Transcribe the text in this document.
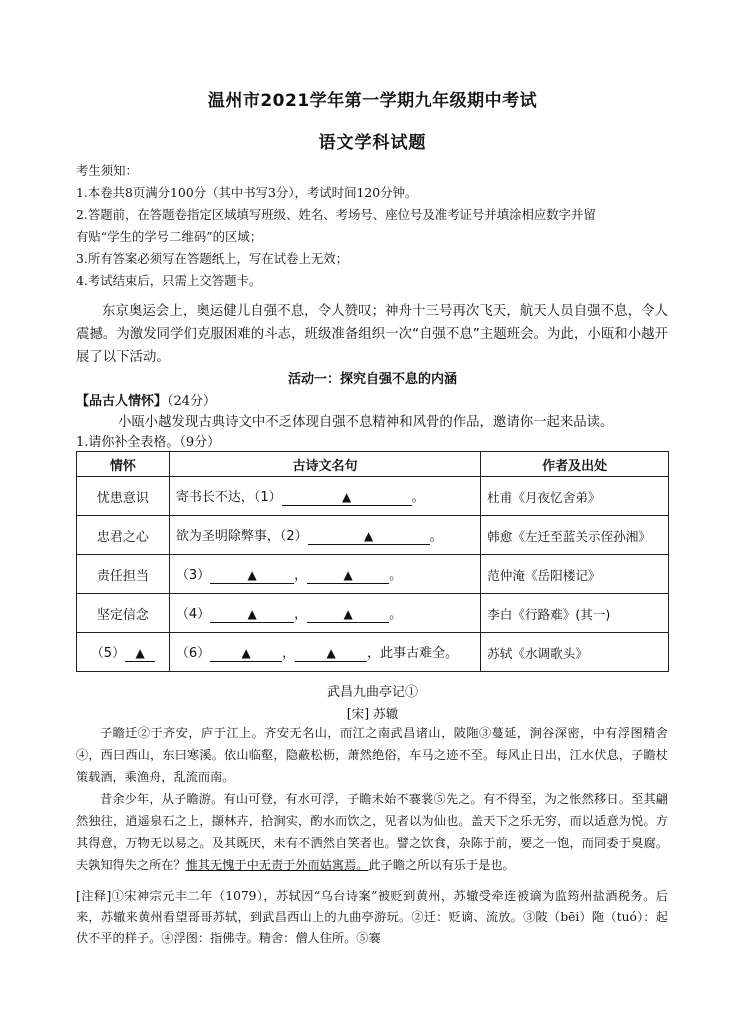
温州市2021学年第一学期九年级期中考试
语文学科试题
考生须知：
1.本卷共8页满分100分（其中书写3分），考试时间120分钟。
2.答题前，在答题卷指定区域填写班级、姓名、考场号、座位号及准考证号并填涂相应数字并留
有贴“学生的学号二维码”的区域；
3.所有答案必须写在答题纸上，写在试卷上无效；
4.考试结束后，只需上交答题卡。
东京奥运会上，奥运健儿自强不息，令人赞叹；神舟十三号再次飞天，航天人员自强不息，令人震撼。为激发同学们克服困难的斗志，班级准备组织一次“自强不息”主题班会。为此，小瓯和小越开展了以下活动。
活动一：探究自强不息的内涵
【品古人情怀】（24分）
小瓯小越发现古典诗文中不乏体现自强不息精神和风骨的作品，邀请你一起来品读。
1.请你补全表格。（9分）
情怀	古诗文名句	作者及出处
忧患意识	寄书长不达，（1） ▲ 。	杜甫《月夜忆舍弟》
忠君之心	欲为圣明除弊事，（2） ▲ 。	韩愈《左迁至蓝关示侄孙湘》
责任担当	（3） ▲ ， ▲ 。	范仲淹《岳阳楼记》
坚定信念	（4） ▲ ， ▲ 。	李白《行路难》(其一)
（5） ▲	（6） ▲ ， ▲ ，此事古难全。	苏轼《水调歌头》
武昌九曲亭记①
[宋] 苏辙

子瞻迁②于齐安，庐于江上。齐安无名山，而江之南武昌诸山，陂陁③蔓延，涧谷深密，中有浮图精舍④，西曰西山，东曰寒溪。依山临壑，隐蔽松枥，萧然绝俗，车马之迹不至。每风止日出，江水伏息，子瞻杖策载酒，乘渔舟，乱流而南。

昔余少年，从子瞻游。有山可登，有水可浮，子瞻未始不褰裳⑤先之。有不得至，为之怅然移日。至其翩然独往，逍遥泉石之上，撷林卉，拾涧实，酌水而饮之，见者以为仙也。盖天下之乐无穷，而以适意为悦。方其得意，万物无以易之。及其既厌，未有不洒然自笑者也。譬之饮食，杂陈于前，要之一饱，而同委于臭腐。夫孰知得失之所在？惟其无愧于中无责于外而姑寓焉。此子瞻之所以有乐于是也。

[注释]①宋神宗元丰二年（1079），苏轼因“乌台诗案”被贬到黄州，苏辙受牵连被谪为监筠州盐酒税务。后来，苏辙来黄州看望哥哥苏轼，到武昌西山上的九曲亭游玩。②迁：贬谪、流放。③陂（bēi）陁（tuó）：起伏不平的样子。④浮图：指佛寺。精舍：僧人住所。⑤褰
